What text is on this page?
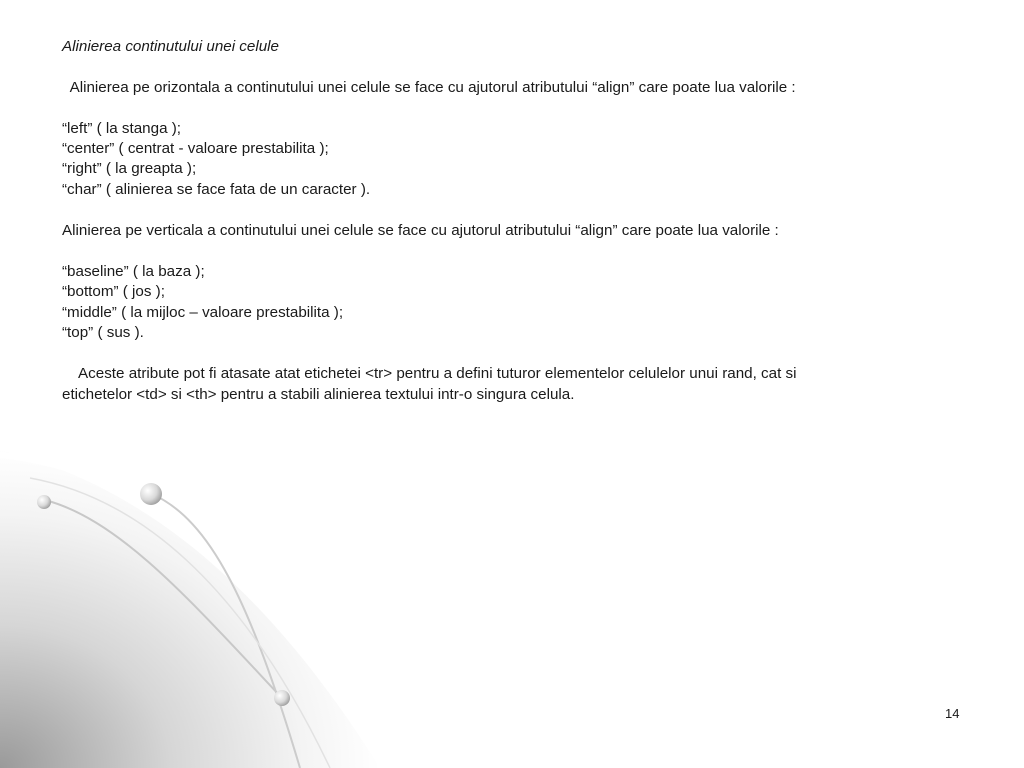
Alinierea continutului unei celule
Alinierea pe orizontala a continutului unei celule se face cu ajutorul atributului “align” care poate lua valorile :
“left” ( la stanga );
“center” ( centrat - valoare prestabilita );
“right” ( la greapta );
“char” ( alinierea se face fata de un caracter ).
Alinierea pe verticala a continutului unei celule se face cu ajutorul atributului “align” care poate lua valorile :
“baseline” ( la baza );
“bottom” ( jos );
“middle” ( la mijloc – valoare prestabilita );
“top” ( sus ).
Aceste atribute pot fi atasate atat etichetei <tr> pentru a defini tuturor elementelor celulelor unui rand, cat si
etichetelor <td> si <th> pentru a stabili alinierea textului intr-o singura celula.
14
